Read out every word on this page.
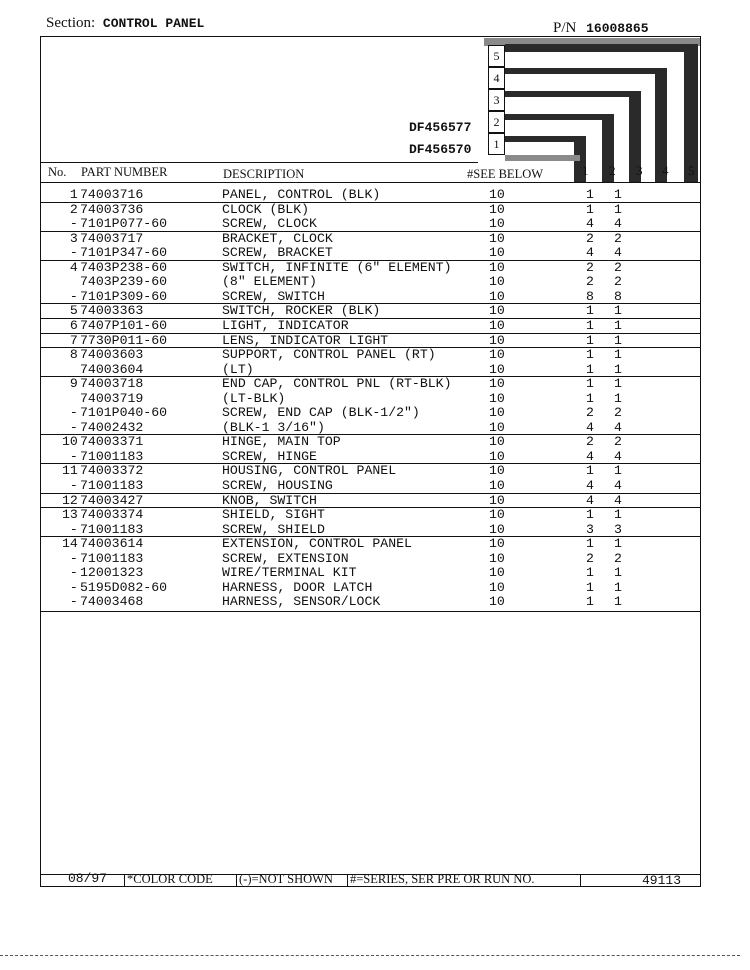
Section: CONTROL PANEL	P/N 16008865
5
4
3
2
1
DF456577
DF456570
No. PART NUMBER	DESCRIPTION	#SEE BELOW	1 2 3 4 5
1 74003716	PANEL, CONTROL (BLK)	10	1 1
2 74003736	CLOCK (BLK)	10	1 1
- 7101P077-60	SCREW, CLOCK	10	4 4
3 74003717	BRACKET, CLOCK	10	2 2
- 7101P347-60	SCREW, BRACKET	10	4 4
4 7403P238-60	SWITCH, INFINITE (6" ELEMENT)	10	2 2

7403P239-60	(8" ELEMENT)	10	2 2
- 7101P309-60	SCREW, SWITCH	10	8 8
5 74003363	SWITCH, ROCKER (BLK)	10	1 1
6 7407P101-60	LIGHT, INDICATOR	10	1 1
7 7730P011-60	LENS, INDICATOR LIGHT	10	1 1
8 74003603	SUPPORT, CONTROL PANEL (RT)	10	1 1

74003604	(LT)	10	1 1
9 74003718	END CAP, CONTROL PNL (RT-BLK)	10	1 1

74003719	(LT-BLK)	10	1 1
- 7101P040-60	SCREW, END CAP (BLK-1/2")	10	2 2
- 74002432	(BLK-1 3/16")	10	4 4
10 74003371	HINGE, MAIN TOP	10	2 2
- 71001183	SCREW, HINGE	10	4 4
11 74003372	HOUSING, CONTROL PANEL	10	1 1
- 71001183	SCREW, HOUSING	10	4 4
12 74003427	KNOB, SWITCH	10	4 4
13 74003374	SHIELD, SIGHT	10	1 1
- 71001183	SCREW, SHIELD	10	3 3
14 74003614	EXTENSION, CONTROL PANEL	10	1 1
- 71001183	SCREW, EXTENSION	10	2 2
- 12001323	WIRE/TERMINAL KIT	10	1 1
- 5195D082-60	HARNESS, DOOR LATCH	10	1 1
- 74003468	HARNESS, SENSOR/LOCK	10	1 1
08/97 *COLOR CODE (-)=NOT SHOWN #=SERIES, SER PRE OR RUN NO.	49113
